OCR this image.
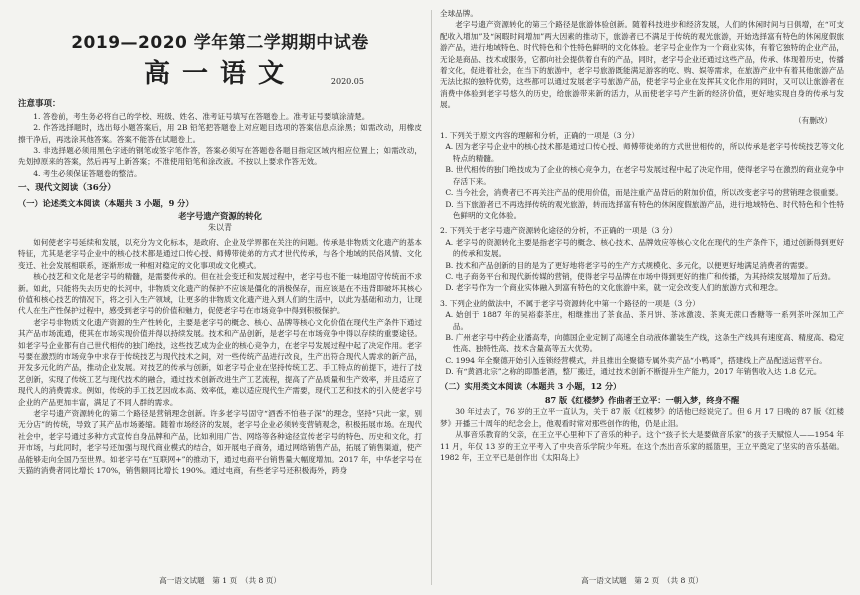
2019—2020 学年第二学期期中试卷
高一语文	2020.05
注意事项：

1. 答卷前，考生务必将自己的学校、班级、姓名、准考证号填写在答题卷上。准考证号要填涂清楚。

2. 作答选择题时，选出每小题答案后，用 2B 铅笔把答题卷上对应题目选项的答案信息点涂黑；如需改动，用橡皮擦干净后，再选涂其他答案。答案不能答在试题卷上。

3. 非选择题必须用黑色字迹的钢笔或签字笔作答，答案必须写在答题卷各题目指定区域内相应位置上；如需改动，先划掉原来的答案，然后再写上新答案；不准使用铅笔和涂改液。不按以上要求作答无效。

4. 考生必须保证答题卷的整洁。

一、现代文阅读（36分）
（一）论述类文本阅读（本题共 3 小题，9 分）
老字号遗产资源的转化
朱以青

如何使老字号延续和发展，以充分为文化标本，是政府、企业及学界都在关注的问题。传承是非物质文化遗产的基本特征，尤其是老字号企业中的核心技术都是通过口传心授、师傅带徒弟的方式才世代传承，与各个地域的民俗风情、文化变迁、社会发展相联系，逐渐形成一种相对稳定的文化事项或文化模式。

核心技艺和文化是老字号的精髓，是需要传承的。但在社会变迁和发展过程中，老字号也不能一味地固守传统而不求新。如此，只能将失去历史的长河中，非物质文化遗产的保护不应该是僵化的消极保存，而应该是在不违背即破坏其核心价值和核心技艺的情况下，将之引入生产领域，让更多的非物质文化遗产进入到人们的生活中，以此为基础和动力，让现代人在生产性保护过程中，感受到老字号的价值和魅力，促使老字号在市场竞争中得到积极保护。

老字号非物质文化遗产资源的生产性转化，主要是老字号的概念、核心、品牌等核心文化价值在现代生产条件下通过其产品市场流通，使其在市场实现价值并得以持续发展。技术和产品创新，是老字号在市场竞争中得以存续的重要途径。如老字号企业都有自己世代相传的独门绝技，这些技艺成为企业的核心竞争力，在老字号发展过程中起了决定作用。老字号要在激烈的市场竞争中求存于传统技艺与现代技术之间，对一些传统产品进行改良，生产出符合现代人需求的新产品，开发多元化的产品，推动企业发展。对技艺的传承与创新，如老字号企业在坚持传统工艺、手工特点的前提下，进行了技艺创新，实现了传统工艺与现代技术的融合，通过技术创新改进生产工艺流程，提高了产品质量和生产效率，并且适应了现代人的消费需求。例如，传统的手工技艺因成本高、效率低，难以适应现代生产需要，现代工艺和技术的引入使老字号企业的产品更加丰富，满足了不同人群的需求。

老字号遗产资源转化的第二个路径是营销理念创新。许多老字号固守“酒香不怕巷子深”的理念，坚持“只此一家，别无分店”的传统，导致了其产品市场萎缩。随着市场经济的发展，老字号企业必须转变营销观念，积极拓展市场。在现代社会中，老字号通过多种方式宣传自身品牌和产品，比如利用广告、网络等各种途径宣传老字号的特色、历史和文化，打开市场，与此同时，老字号还加强与现代商业模式的结合，如开展电子商务，通过网络销售产品，拓展了销售渠道，使产品能够走向全国乃至世界。如老字号在“互联网+”的推动下，通过电商平台销售量大幅度增加。2017 年，中华老字号在天猫的消费者同比增长 170%，销售额同比增长 190%。通过电商，有些老字号还积极海外，跨身

高一语文试题　第 1 页　（共 8 页）

全球品牌。

老字号遗产资源转化的第三个路径是旅游体验创新。随着科技进步和经济发展，人们的休闲时间与日俱增，在“可支配收入增加”及“闲暇时间增加”两大因素的推动下，旅游者已不满足于传统的观光旅游，开始选择富有特色的休闲度假旅游产品，进行地域特色、时代特色和个性特色鲜明的文化体验。老字号企业作为一个商业实体，有着它独特的企业产品，无论是商品、技术或服务，它都向社会提供着自有的产品，同时，老字号企业还通过这些产品，传承、体现着历史，传播着文化，促进着社会，在当下的旅游中，老字号旅游既能满足游客的吃、购、娱等需求，在旅游产业中有着其他旅游产品无法比拟的独特优势，这些都可以通过发展老字号旅游产品，使老字号企业在发挥其文化作用的同时，又可以让旅游者在消费中体验到老字号悠久的历史，给旅游带来新的活力，从而使老字号产生新的经济价值，更好地实现自身的传承与发展。

（有删改）
1. 下列关于原文内容的理解和分析，正确的一项是（3 分）

A. 因为老字号企业中的核心技术都是通过口传心授、师傅带徒弟的方式世世相传的，所以传承是老字号传统技艺等文化特点的精髓。

B. 世代相传的独门绝技成为了企业的核心竞争力，在老字号发展过程中起了决定作用，使得老字号在激烈的商业竞争中存活下来。

C. 当今社会，消费者已不再关注产品的使用价值，而是注重产品背后的附加价值，所以改变老字号的营销理念很重要。

D. 当下旅游者已不再选择传统的观光旅游，转而选择富有特色的休闲度假旅游产品，进行地域特色、时代特色和个性特色鲜明的文化体验。

2. 下列关于老字号遗产资源转化途径的分析，不正确的一项是（3 分）

A. 老字号的资源转化主要是指老字号的概念、核心技术、品牌效应等核心文化在现代的生产条件下，通过创新得到更好的传承和发展。

B. 技术和产品创新的目的是为了更好地将老字号的生产方式规模化、多元化，以便更好地满足消费者的需要。

C. 电子商务平台和现代新传媒的营销，使得老字号品牌在市场中得到更好的推广和传播，为其持续发展增加了后劲。

D. 老字号作为一个商业实体融入到富有特色的文化旅游中来，就一定会改变人们的旅游方式和理念。

3. 下列企业的做法中，不属于老字号资源转化中第一个路径的一项是（3 分）

A. 始创于 1887 年的吴裕泰茶庄，相继推出了茶食品、茶月饼、茶冰激凌、茶爽无蔗口香糖等一系列茶叶深加工产品。

B. 广州老字号中药企业潘高寿，向德国企业定制了高速全自动液体灌装生产线，这条生产线具有速度高、精度高、稳定性高、独特性高、技术含量高等五大优势。

C. 1994 年全聚德开始引入连锁经营模式，并且推出全聚德专属外卖产品“小鸭哥”，搭建线上产品配送运营平台。

D. 有“黄酒北宗”之称的即墨老酒，整厂搬迁，通过技术创新不断提升生产能力，2017 年销售收入达 1.8 亿元。

（二）实用类文本阅读（本题共 3 小题，12 分）
87 版《红楼梦》作曲者王立平：一朝入梦，终身不醒

30 年过去了，76 岁的王立平一直认为，关于 87 版《红楼梦》的话他已经说完了。但 6 月 17 日晚的 87 版《红楼梦》开播三十周年的纪念会上，他观看时常对那些创作的他，仍是止泪。

从事音乐教育的父亲，在王立平心里种下了音乐的种子。这个“孩子长大是要做音乐家”的孩子天赋惊人——1954 年 11 月，年仅 13 岁的王立平考入了中央音乐学院少年班。在这个杰出音乐家的摇篮里，王立平奠定了坚实的音乐基础。1982 年，王立平已是创作出《太阳岛上》

高一语文试题　第 2 页　（共 8 页）
